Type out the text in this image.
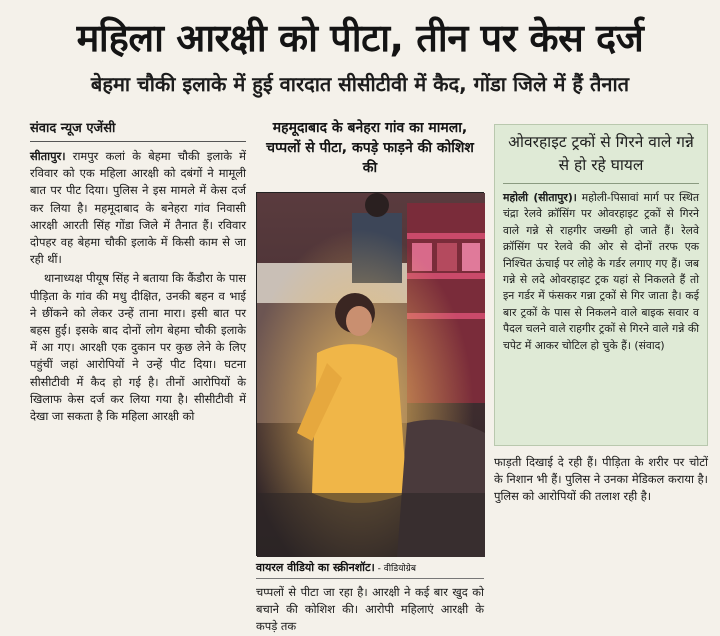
महिला आरक्षी को पीटा, तीन पर केस दर्ज
बेहमा चौकी इलाके में हुई वारदात सीसीटीवी में कैद, गोंडा जिले में हैं तैनात
संवाद न्यूज एजेंसी

सीतापुर। रामपुर कलां के बेहमा चौकी इलाके में रविवार को एक महिला आरक्षी को दबंगों ने मामूली बात पर पीट दिया। पुलिस ने इस मामले में केस दर्ज कर लिया है। महमूदाबाद के बनेहरा गांव निवासी आरक्षी आरती सिंह गोंडा जिले में तैनात हैं। रविवार दोपहर वह बेहमा चौकी इलाके में किसी काम से जा रही थीं।

थानाध्यक्ष पीयूष सिंह ने बताया कि कैंडौरा के पास पीड़िता के गांव की मधु दीक्षित, उनकी बहन व भाई ने छींकने को लेकर उन्हें ताना मारा। इसी बात पर बहस हुई। इसके बाद दोनों लोग बेहमा चौकी इलाके में आ गए। आरक्षी एक दुकान पर कुछ लेने के लिए पहुंचीं जहां आरोपियों ने उन्हें पीट दिया। घटना सीसीटीवी में कैद हो गई है। तीनों आरोपियों के खिलाफ केस दर्ज कर लिया गया है। सीसीटीवी में देखा जा सकता है कि महिला आरक्षी को

महमूदाबाद के बनेहरा गांव का मामला, चप्पलों से पीटा, कपड़े फाड़ने की कोशिश की
वायरल वीडियो का स्क्रीनशॉट। - वीडियोग्रेब
चप्पलों से पीटा जा रहा है। आरक्षी ने कई बार खुद को बचाने की कोशिश की। आरोपी महिलाएं आरक्षी के कपड़े तक
ओवरहाइट ट्रकों से गिरने वाले गन्ने से हो रहे घायल

महोली (सीतापुर)। महोली-पिसावां मार्ग पर स्थित चंद्रा रेलवे क्रॉसिंग पर ओवरहाइट ट्रकों से गिरने वाले गन्ने से राहगीर जख्मी हो जाते हैं। रेलवे क्रॉसिंग पर रेलवे की ओर से दोनों तरफ एक निश्चित ऊंचाई पर लोहे के गर्डर लगाए गए हैं। जब गन्ने से लदे ओवरहाइट ट्रक यहां से निकलते हैं तो इन गर्डर में फंसकर गन्ना ट्रकों से गिर जाता है। कई बार ट्रकों के पास से निकलने वाले बाइक सवार व पैदल चलने वाले राहगीर ट्रकों से गिरने वाले गन्ने की चपेट में आकर चोटिल हो चुके हैं। (संवाद)

फाड़ती दिखाई दे रही हैं। पीड़िता के शरीर पर चोटों के निशान भी हैं। पुलिस ने उनका मेडिकल कराया है। पुलिस को आरोपियों की तलाश रही है।
